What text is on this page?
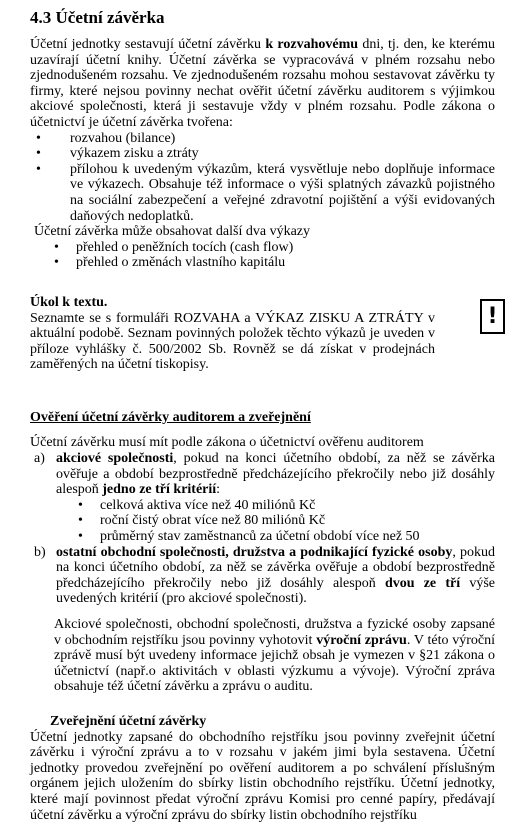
4.3 Účetní závěrka

Účetní jednotky sestavují účetní závěrku k rozvahovému dni, tj. den, ke kterému uzavírají účetní knihy. Účetní závěrka se vypracovává v plném rozsahu nebo zjednodušeném rozsahu. Ve zjednodušeném rozsahu mohou sestavovat závěrku ty firmy, které nejsou povinny nechat ověřit účetní závěrku auditorem s výjimkou akciové společnosti, která ji sestavuje vždy v plném rozsahu. Podle zákona o účetnictví je účetní závěrka tvořena:

• rozvahou (bilance)
• výkazem zisku a ztráty
• přílohou k uvedeným výkazům, která vysvětluje nebo doplňuje informace ve výkazech. Obsahuje též informace o výši splatných závazků pojistného na sociální zabezpečení a veřejné zdravotní pojištění a výši evidovaných daňových nedoplatků.

Účetní závěrka může obsahovat další dva výkazy

• přehled o peněžních tocích (cash flow)
• přehled o změnách vlastního kapitálu

Úkol k textu.

Seznamte se s formuláři ROZVAHA a VÝKAZ ZISKU A ZTRÁTY v aktuální podobě. Seznam povinných položek těchto výkazů je uveden v příloze vyhlášky č. 500/2002 Sb. Rovněž se dá získat v prodejnách zaměřených na účetní tiskopisy.

Ověření účetní závěrky auditorem a zveřejnění

Účetní závěrku musí mít podle zákona o účetnictví ověřenu auditorem

a) akciové společnosti, pokud na konci účetního období, za něž se závěrka ověřuje a období bezprostředně předcházejícího překročily nebo již dosáhly alespoň jedno ze tří kritérií:
• celková aktiva více než 40 miliónů Kč
• roční čistý obrat více než 80 miliónů Kč
• průměrný stav zaměstnanců za účetní období více než 50
b) ostatní obchodní společnosti, družstva a podnikající fyzické osoby, pokud na konci účetního období, za něž se závěrka ověřuje a období bezprostředně předcházejícího překročily nebo již dosáhly alespoň dvou ze tří výše uvedených kritérií (pro akciové společnosti).

Akciové společnosti, obchodní společnosti, družstva a fyzické osoby zapsané v obchodním rejstříku jsou povinny vyhotovit výroční zprávu. V této výroční zprávě musí být uvedeny informace jejichž obsah je vymezen v §21 zákona o účetnictví (např.o aktivitách v oblasti výzkumu a vývoje). Výroční zpráva obsahuje též účetní závěrku a zprávu o auditu.

Zveřejnění účetní závěrky

Účetní jednotky zapsané do obchodního rejstříku jsou povinny zveřejnit účetní závěrku i výroční zprávu a to v rozsahu v jakém jimi byla sestavena. Účetní jednotky provedou zveřejnění po ověření auditorem a po schválení příslušným orgánem jejich uložením do sbírky listin obchodního rejstříku. Účetní jednotky, které mají povinnost předat výroční zprávu Komisi pro cenné papíry, předávají účetní závěrku a výroční zprávu do sbírky listin obchodního rejstříku

!
